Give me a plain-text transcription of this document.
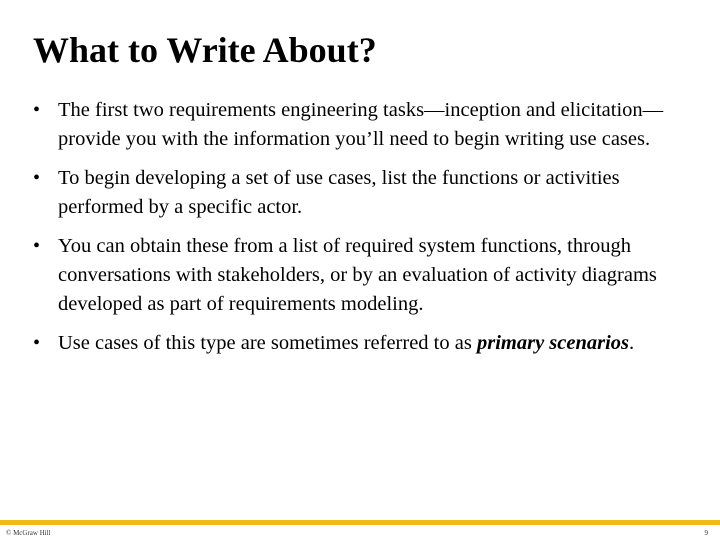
What to Write About?
• The first two requirements engineering tasks—inception and elicitation—provide you with the information you’ll need to begin writing use cases.
• To begin developing a set of use cases, list the functions or activities performed by a specific actor.
• You can obtain these from a list of required system functions, through conversations with stakeholders, or by an evaluation of activity diagrams developed as part of requirements modeling.
• Use cases of this type are sometimes referred to as primary scenarios.
© McGraw Hill	9
